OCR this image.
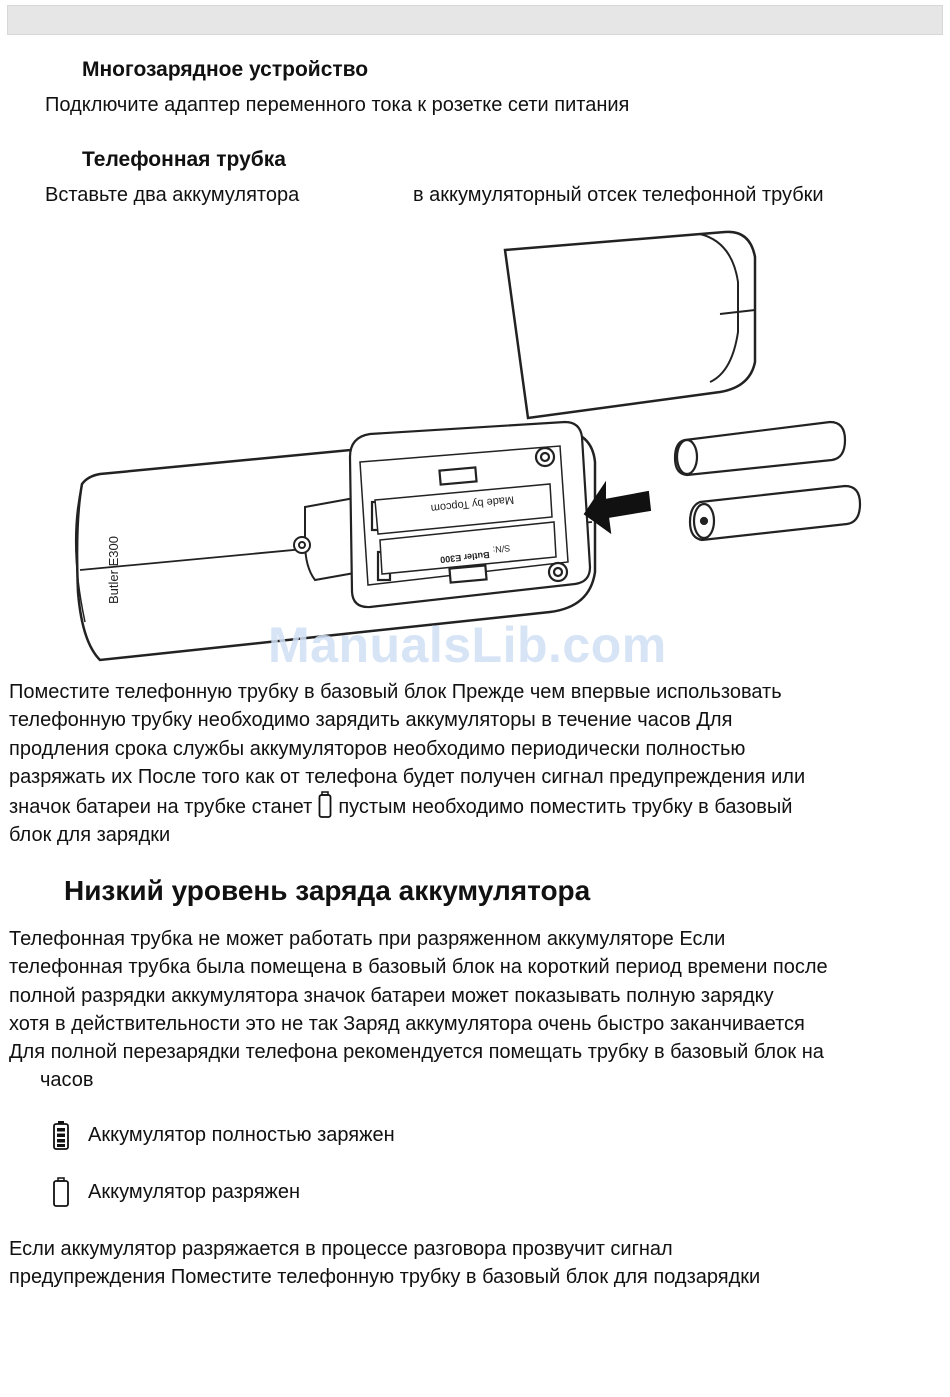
Многозарядное устройство
Подключите адаптер переменного тока к розетке сети питания
Телефонная трубка
Вставьте два аккумулятора	в аккумуляторный отсек телефонной трубки
Butler E300
Made by Topcom
Butler E300
S/N:
ManualsLib.com
Поместите телефонную трубку в базовый блок Прежде чем впервые использовать
телефонную трубку необходимо зарядить аккумуляторы в течение часов Для
продления срока службы аккумуляторов необходимо периодически полностью
разряжать их После того как от телефона будет получен сигнал предупреждения или
значок батареи на трубке станет пустым необходимо поместить трубку в базовый
блок для зарядки
Низкий уровень заряда аккумулятора
Телефонная трубка не может работать при разряженном аккумуляторе Если
телефонная трубка была помещена в базовый блок на короткий период времени после
полной разрядки аккумулятора значок батареи может показывать полную зарядку
хотя в действительности это не так Заряд аккумулятора очень быстро заканчивается
Для полной перезарядки телефона рекомендуется помещать трубку в базовый блок на
часов
Аккумулятор полностью заряжен
Аккумулятор разряжен
Если аккумулятор разряжается в процессе разговора прозвучит сигнал
предупреждения Поместите телефонную трубку в базовый блок для подзарядки
